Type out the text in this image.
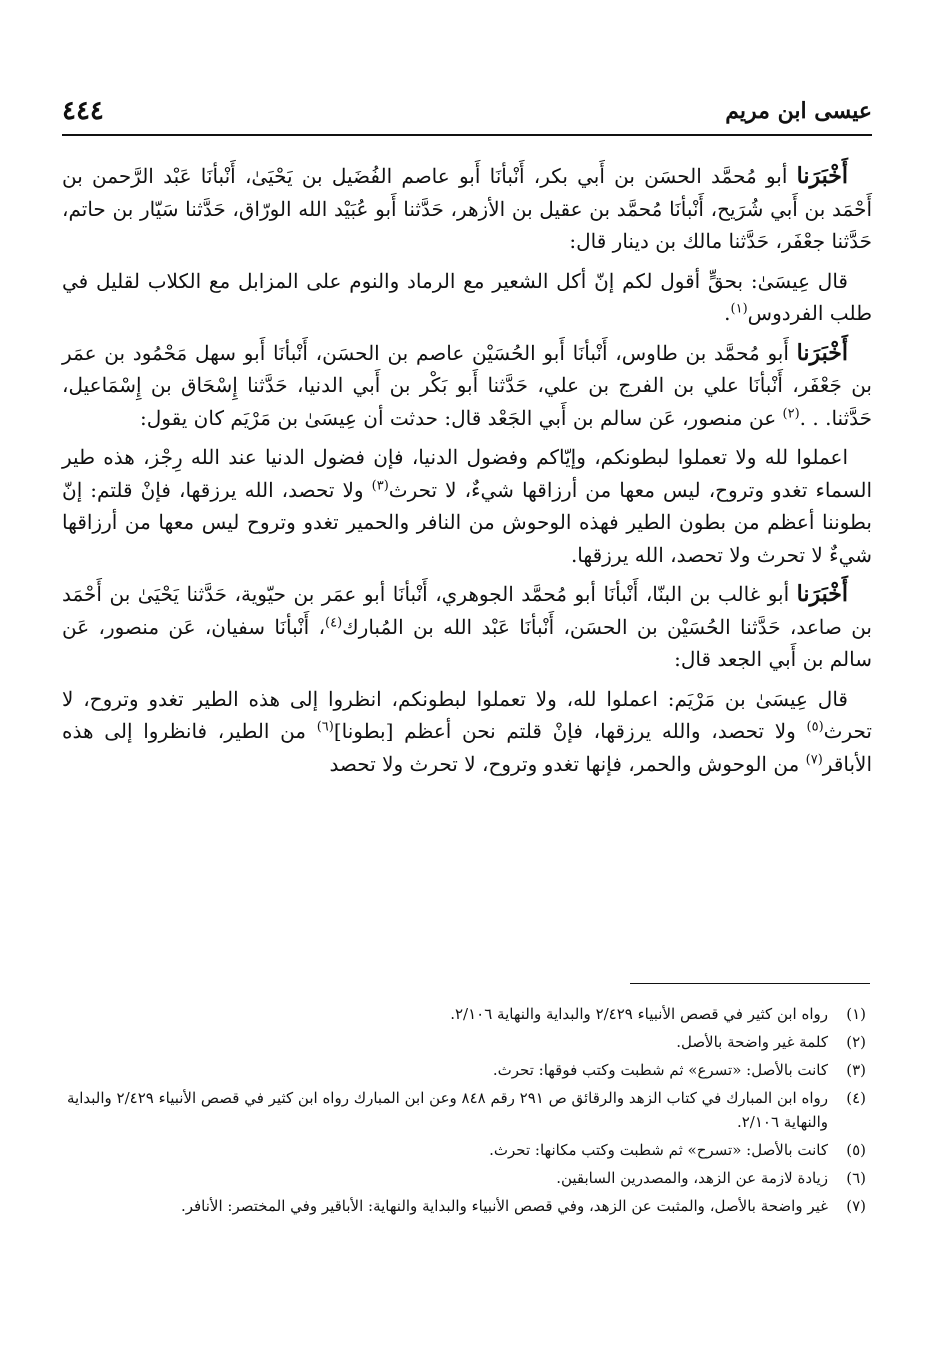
عيسى ابن مريم
٤٤٤

أَخْبَرَنا أبو مُحمَّد الحسَن بن أَبي بكر، أَنْبأنَا أَبو عاصم الفُضَيل بن يَحْيَىٰ، أَنْبأنَا عَبْد الرَّحمن بن أَحْمَد بن أَبي شُرَيح، أَنْبأنَا مُحمَّد بن عقيل بن الأزهر، حَدَّثنا أَبو عُبَيْد الله الورّاق، حَدَّثنا سَيّار بن حاتم، حَدَّثنا جعْفَر، حَدَّثنا مالك بن دينار قال:

قال عِيسَىٰ: بحقٍّ أقول لكم إنّ أكل الشعير مع الرماد والنوم على المزابل مع الكلاب لقليل في طلب الفردوس$^{(١)}$.

أَخْبَرَنا أَبو مُحمَّد بن طاوس، أَنْبأنَا أَبو الحُسَيْن عاصم بن الحسَن، أَنْبأنَا أَبو سهل مَحْمُود بن عمَر بن جَعْفَر، أَنْبأنَا علي بن الفرج بن علي، حَدَّثنا أَبو بَكْر بن أَبي الدنيا، حَدَّثنا إِسْحَاق بن إِسْمَاعيل، حَدَّثنا. . .$^{(٢)}$ عن منصور، عَن سالم بن أَبي الجَعْد قال: حدثت أن عِيسَىٰ بن مَرْيَم كان يقول:

اعملوا لله ولا تعملوا لبطونكم، وإيّاكم وفضول الدنيا، فإن فضول الدنيا عند الله رِجْز، هذه طير السماء تغدو وتروح، ليس معها من أرزاقها شيءٌ، لا تحرث$^{(٣)}$ ولا تحصد، الله يرزقها، فإنْ قلتم: إنّ بطوننا أعظم من بطون الطير فهذه الوحوش من النافر والحمير تغدو وتروح ليس معها من أرزاقها شيءٌ لا تحرث ولا تحصد، الله يرزقها.

أَخْبَرَنا أبو غالب بن البنّا، أَنْبأنَا أبو مُحمَّد الجوهري، أَنْبأنَا أبو عمَر بن حيّوية، حَدَّثنا يَحْيَىٰ بن أَحْمَد بن صاعد، حَدَّثنا الحُسَيْن بن الحسَن، أَنْبأنَا عَبْد الله بن المُبارك$^{(٤)}$، أَنْبأنَا سفيان، عَن منصور، عَن سالم بن أَبي الجعد قال:

قال عِيسَىٰ بن مَرْيَم: اعملوا لله، ولا تعملوا لبطونكم، انظروا إلى هذه الطير تغدو وتروح، لا تحرث$^{(٥)}$ ولا تحصد، والله يرزقها، فإنْ قلتم نحن أعظم [بطونا]$^{(٦)}$ من الطير، فانظروا إلى هذه الأباقر$^{(٧)}$ من الوحوش والحمر، فإنها تغدو وتروح، لا تحرث ولا تحصد

(١)
رواه ابن كثير في قصص الأنبياء ٢/٤٢٩ والبداية والنهاية ٢/١٠٦.
(٢)
كلمة غير واضحة بالأصل.
(٣)
كانت بالأصل: «تسرع» ثم شطبت وكتب فوقها: تحرث.
(٤)
رواه ابن المبارك في كتاب الزهد والرقائق ص ٢٩١ رقم ٨٤٨ وعن ابن المبارك رواه ابن كثير في قصص الأنبياء ٢/٤٢٩ والبداية والنهاية ٢/١٠٦.
(٥)
كانت بالأصل: «تسرح» ثم شطبت وكتب مكانها: تحرث.
(٦)
زيادة لازمة عن الزهد، والمصدرين السابقين.
(٧)
غير واضحة بالأصل، والمثبت عن الزهد، وفي قصص الأنبياء والبداية والنهاية: الأباقير وفي المختصر: الأنافر.
